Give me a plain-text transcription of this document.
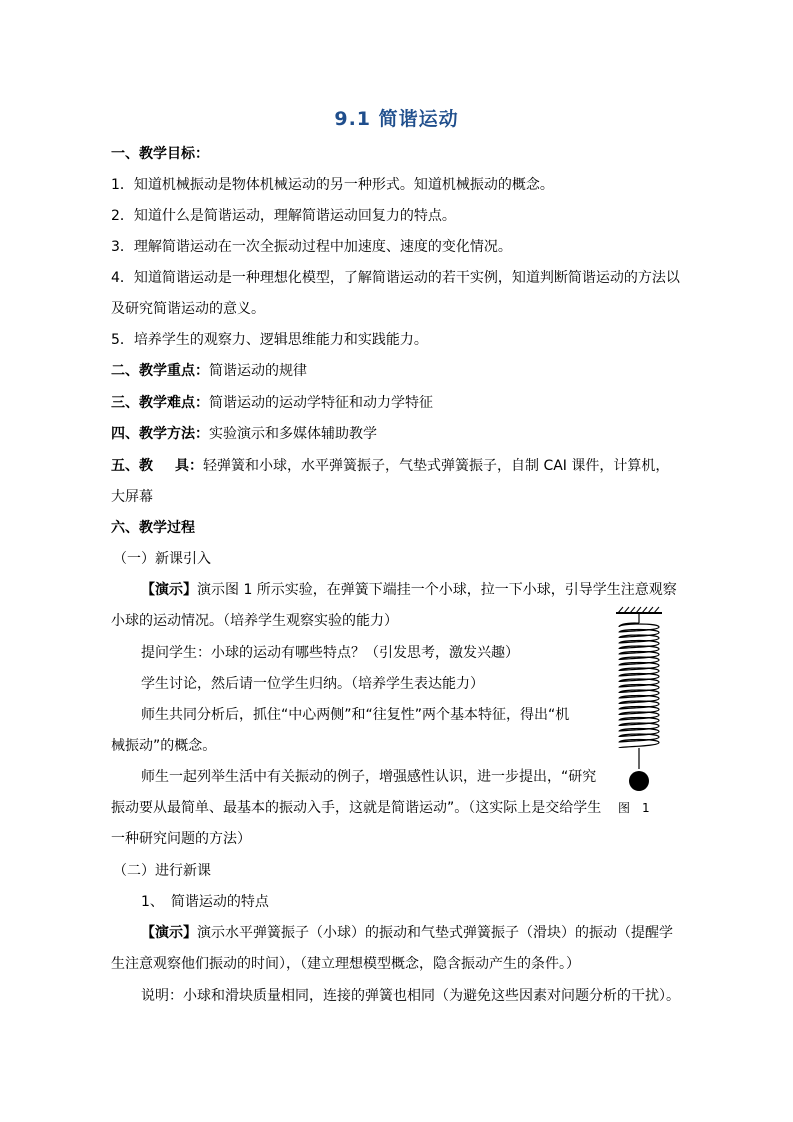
9.1 简谐运动
一、教学目标：
1．知道机械振动是物体机械运动的另一种形式。知道机械振动的概念。
2．知道什么是简谐运动，理解简谐运动回复力的特点。
3．理解简谐运动在一次全振动过程中加速度、速度的变化情况。
4．知道简谐运动是一种理想化模型，了解简谐运动的若干实例，知道判断简谐运动的方法以
及研究简谐运动的意义。
5．培养学生的观察力、逻辑思维能力和实践能力。
二、教学重点：简谐运动的规律
三、教学难点：简谐运动的运动学特征和动力学特征
四、教学方法：实验演示和多媒体辅助教学
五、教 具：轻弹簧和小球，水平弹簧振子，气垫式弹簧振子，自制 CAI 课件，计算机，
大屏幕
六、教学过程
（一）新课引入
【演示】演示图 1 所示实验，在弹簧下端挂一个小球，拉一下小球，引导学生注意观察
小球的运动情况。（培养学生观察实验的能力）
提问学生：小球的运动有哪些特点？（引发思考，激发兴趣）
学生讨论，然后请一位学生归纳。（培养学生表达能力）
师生共同分析后，抓住“中心两侧”和“往复性”两个基本特征，得出“机
械振动”的概念。
师生一起列举生活中有关振动的例子，增强感性认识，进一步提出，“研究
振动要从最简单、最基本的振动入手，这就是简谐运动”。（这实际上是交给学生
一种研究问题的方法）
图　1
（二）进行新课
1、　简谐运动的特点
【演示】演示水平弹簧振子（小球）的振动和气垫式弹簧振子（滑块）的振动（提醒学
生注意观察他们振动的时间），（建立理想模型概念，隐含振动产生的条件。）
说明：小球和滑块质量相同，连接的弹簧也相同（为避免这些因素对问题分析的干扰）。
